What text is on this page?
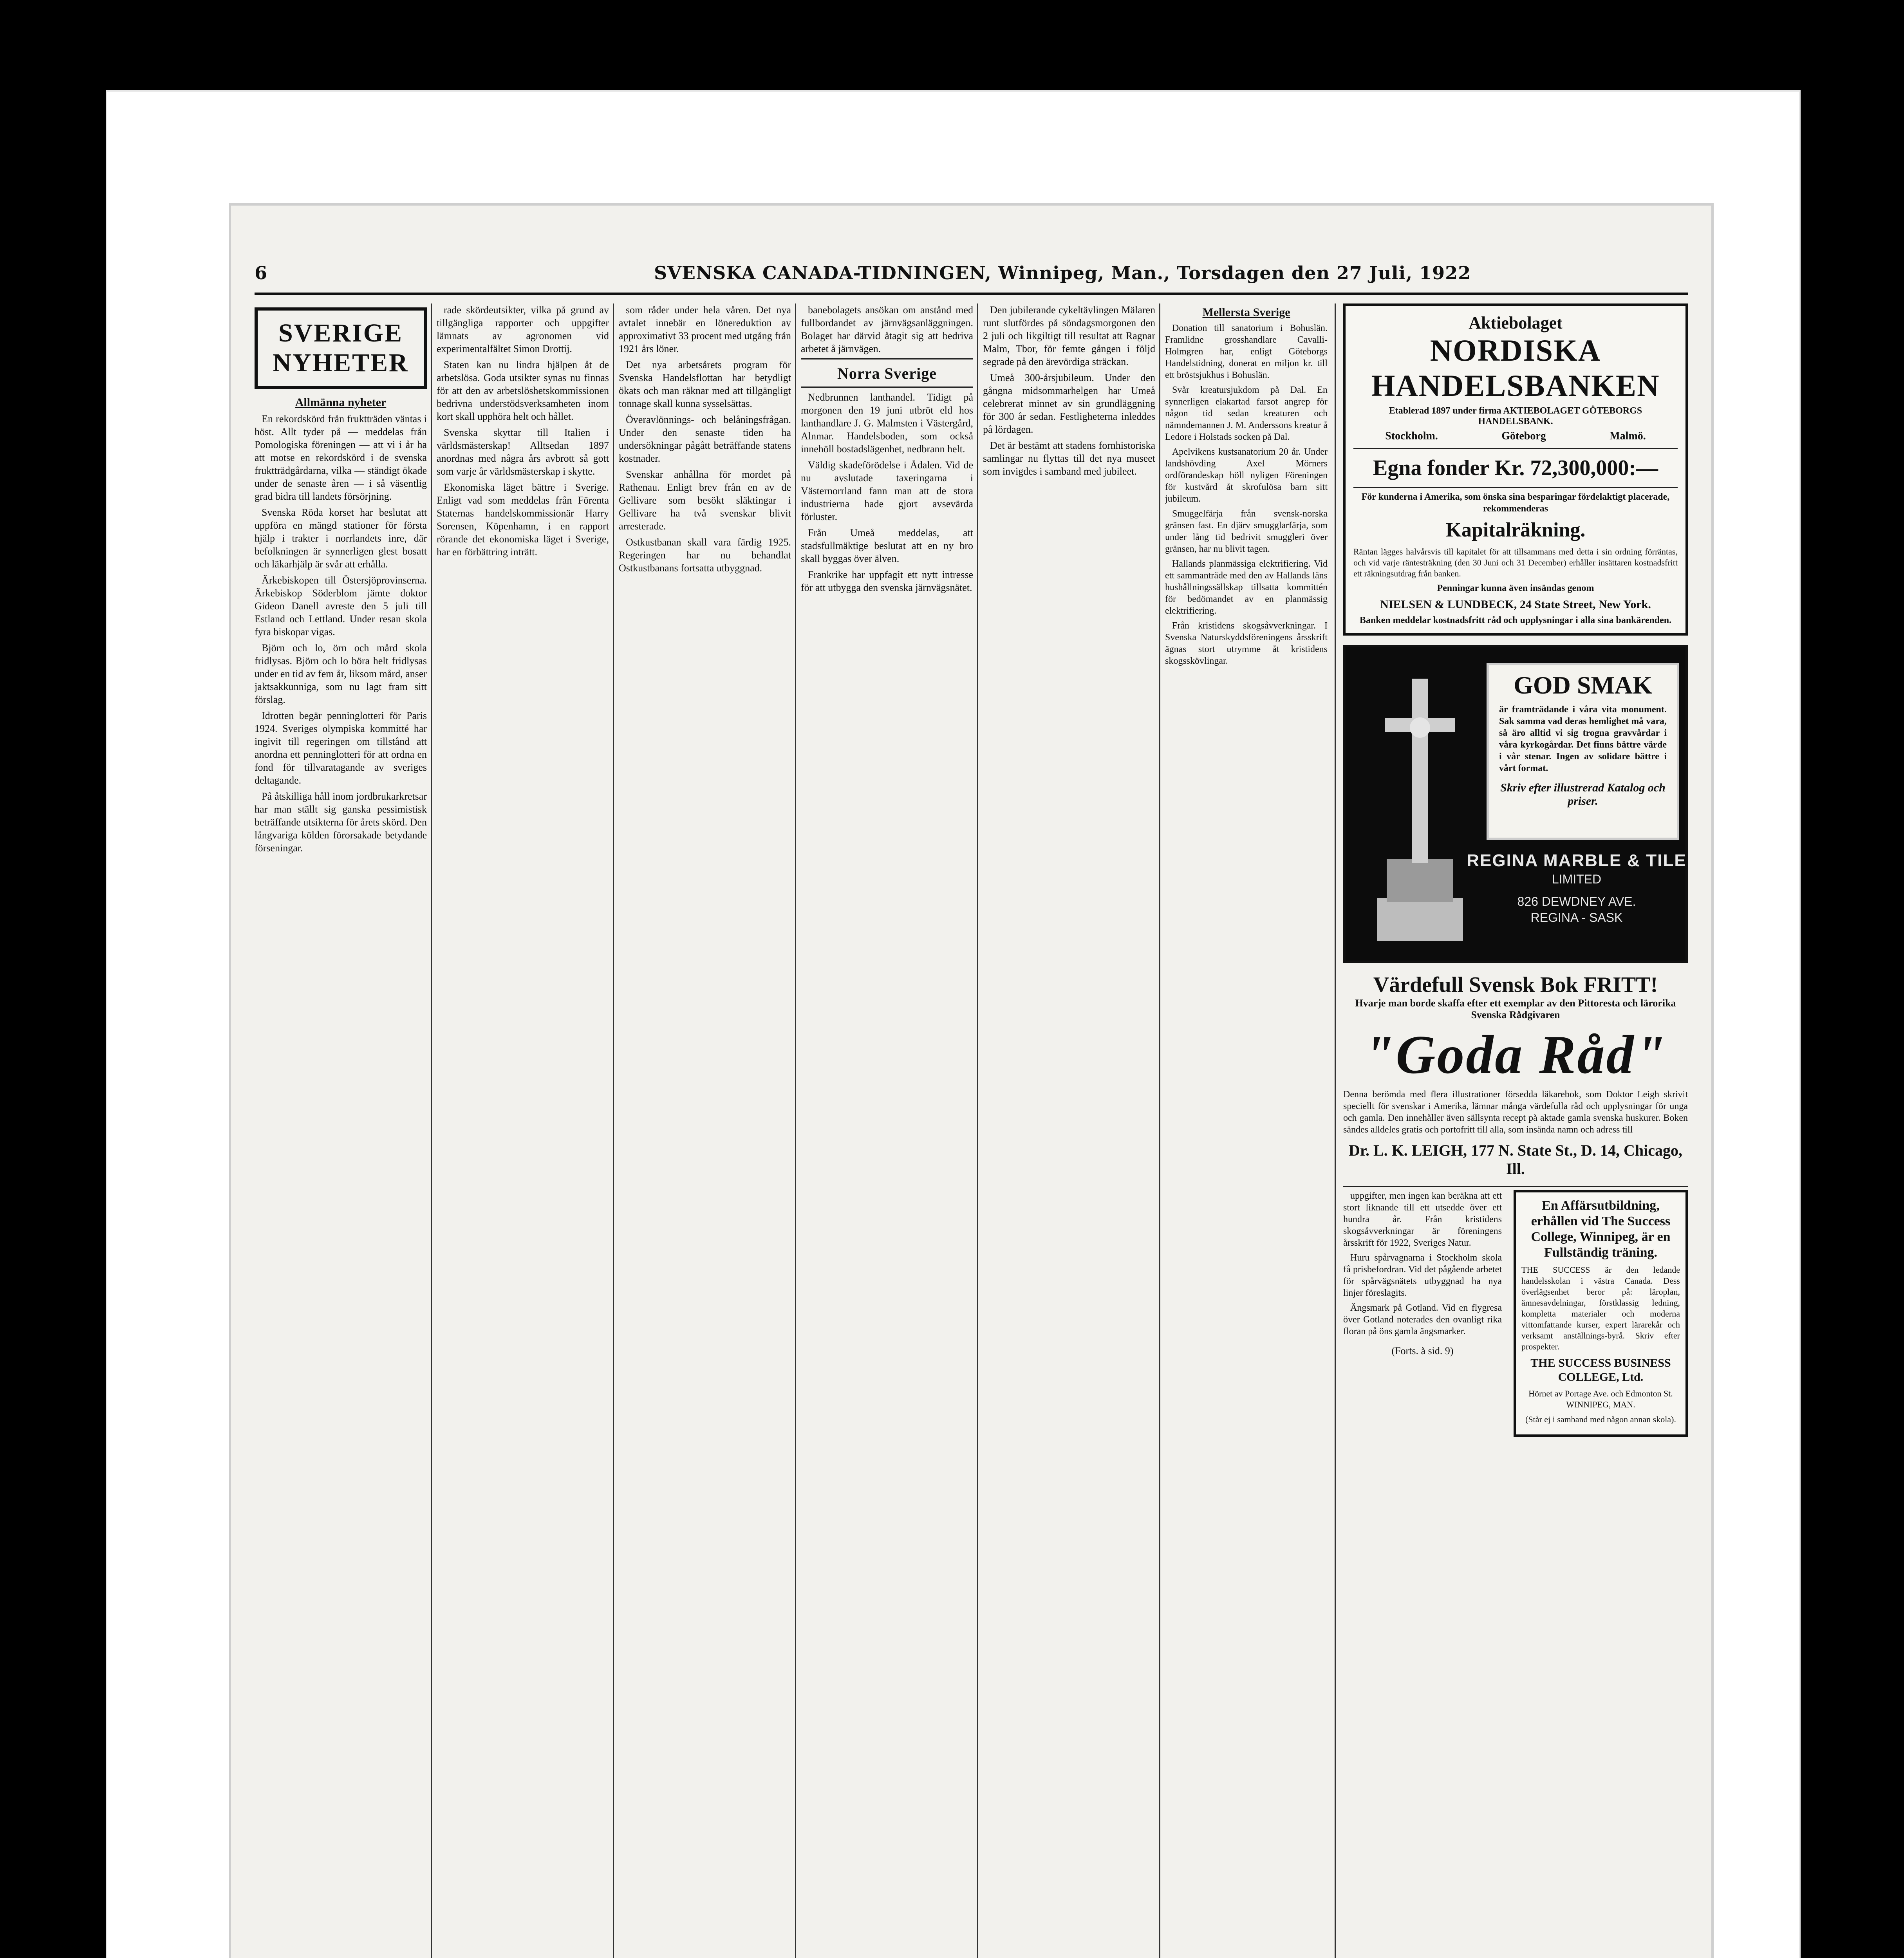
6	SVENSKA CANADA-TIDNINGEN, Winnipeg, Man., Torsdagen den 27 Juli, 1922
SVERIGE NYHETER
Allmänna nyheter

En rekordskörd från fruktträden väntas i höst. Allt tyder på — meddelas från Pomologiska föreningen — att vi i år ha att motse en rekordskörd i de svenska fruktträdgårdarna, vilka — ständigt ökade under de senaste åren — i så väsentlig grad bidra till landets försörjning.

Svenska Röda korset har beslutat att uppföra en mängd stationer för första hjälp i trakter i norrlandets inre, där befolkningen är synnerligen glest bosatt och läkarhjälp är svår att erhålla.

Ärkebiskopen till Östersjöprovinserna. Ärkebiskop Söderblom jämte doktor Gideon Danell avreste den 5 juli till Estland och Lettland. Under resan skola fyra biskopar vigas.

Björn och lo, örn och mård skola fridlysas. Björn och lo böra helt fridlysas under en tid av fem år, liksom mård, anser jaktsakkunniga, som nu lagt fram sitt förslag.

Idrotten begär penninglotteri för Paris 1924. Sveriges olympiska kommitté har ingivit till regeringen om tillstånd att anordna ett penninglotteri för att ordna en fond för tillvaratagande av sveriges deltagande.

På åtskilliga håll inom jordbrukarkretsar har man ställt sig ganska pessimistisk beträffande utsikterna för årets skörd. Den långvariga kölden förorsakade betydande förseningar.

rade skördeutsikter, vilka på grund av tillgängliga rapporter och uppgifter lämnats av agronomen vid experimentalfältet Simon Drottij.

Staten kan nu lindra hjälpen åt de arbetslösa. Goda utsikter synas nu finnas för att den av arbetslöshetskommissionen bedrivna understödsverksamheten inom kort skall upphöra helt och hållet.

Svenska skyttar till Italien i världsmästerskap! Alltsedan 1897 anordnas med några års avbrott så gott som varje år världsmästerskap i skytte.

Ekonomiska läget bättre i Sverige. Enligt vad som meddelas från Förenta Staternas handelskommissionär Harry Sorensen, Köpenhamn, i en rapport rörande det ekonomiska läget i Sverige, har en förbättring inträtt.

som råder under hela våren. Det nya avtalet innebär en lönereduktion av approximativt 33 procent med utgång från 1921 års löner.

Det nya arbetsårets program för Svenska Handelsflottan har betydligt ökats och man räknar med att tillgängligt tonnage skall kunna sysselsättas.

Överavlönnings- och belåningsfrågan. Under den senaste tiden ha undersökningar pågått beträffande statens kostnader.

Svenskar anhållna för mordet på Rathenau. Enligt brev från en av de Gellivare som besökt släktingar i Gellivare ha två svenskar blivit arresterade.

Ostkustbanan skall vara färdig 1925. Regeringen har nu behandlat Ostkustbanans fortsatta utbyggnad.

banebolagets ansökan om anstånd med fullbordandet av järnvägsanläggningen. Bolaget har därvid åtagit sig att bedriva arbetet å järnvägen.

Norra Sverige

Nedbrunnen lanthandel. Tidigt på morgonen den 19 juni utbröt eld hos lanthandlare J. G. Malmsten i Västergård, Alnmar. Handelsboden, som också innehöll bostadslägenhet, nedbrann helt.

Väldig skadeförödelse i Ådalen. Vid de nu avslutade taxeringarna i Västernorrland fann man att de stora industrierna hade gjort avsevärda förluster.

Från Umeå meddelas, att stadsfullmäktige beslutat att en ny bro skall byggas över älven.

Frankrike har uppfagit ett nytt intresse för att utbygga den svenska järnvägsnätet.

Den jubilerande cykeltävlingen Mälaren runt slutfördes på söndagsmorgonen den 2 juli och likgiltigt till resultat att Ragnar Malm, Tbor, för femte gången i följd segrade på den ärevördiga sträckan.

Umeå 300-årsjubileum. Under den gångna midsommarhelgen har Umeå celebrerat minnet av sin grundläggning för 300 år sedan. Festligheterna inleddes på lördagen.

Det är bestämt att stadens fornhistoriska samlingar nu flyttas till det nya museet som invigdes i samband med jubileet.

Mellersta Sverige

Donation till sanatorium i Bohuslän. Framlidne grosshandlare Cavalli-Holmgren har, enligt Göteborgs Handelstidning, donerat en miljon kr. till ett bröstsjukhus i Bohuslän.

Svår kreatursjukdom på Dal. En synnerligen elakartad farsot angrep för någon tid sedan kreaturen och nämndemannen J. M. Anderssons kreatur å Ledore i Holstads socken på Dal.

Apelvikens kustsanatorium 20 år. Under landshövding Axel Mörners ordförandeskap höll nyligen Föreningen för kustvård åt skrofulösa barn sitt jubileum.

Smuggelfärja från svensk-norska gränsen fast. En djärv smugglarfärja, som under lång tid bedrivit smuggleri över gränsen, har nu blivit tagen.

Hallands planmässiga elektrifiering. Vid ett sammanträde med den av Hallands läns hushållningssällskap tillsatta kommittén för bedömandet av en planmässig elektrifiering.

Från kristidens skogsåvverkningar. I Svenska Naturskyddsföreningens årsskrift ägnas stort utrymme åt kristidens skogsskövlingar.

Aktiebolaget
NORDISKA HANDELSBANKEN
Etablerad 1897 under firma AKTIEBOLAGET GÖTEBORGS HANDELSBANK.
Stockholm.	Göteborg	Malmö.
Egna fonder Kr. 72,300,000:—
För kunderna i Amerika, som önska sina besparingar fördelaktigt placerade, rekommenderas
Kapitalräkning.
Räntan lägges halvårsvis till kapitalet för att tillsammans med detta i sin ordning förräntas, och vid varje räntesträkning (den 30 Juni och 31 December) erhåller insättaren kostnadsfritt ett räkningsutdrag från banken.
Penningar kunna även insändas genom
NIELSEN & LUNDBECK, 24 State Street, New York.
Banken meddelar kostnadsfritt råd och upplysningar i alla sina bankärenden.
GOD SMAK
är framträdande i våra vita monument. Sak samma vad deras hemlighet må vara, så äro alltid vi sig trogna gravvårdar i våra kyrkogårdar. Det finns bättre värde i vår stenar. Ingen av solidare bättre i vårt format.
Skriv efter illustrerad Katalog och priser.
REGINA MARBLE & TILE
LIMITED
826 DEWDNEY AVE.
REGINA - SASK
Värdefull Svensk Bok FRITT!
Hvarje man borde skaffa efter ett exemplar av den Pittoresta och lärorika Svenska Rådgivaren
"Goda Råd"
Denna berömda med flera illustrationer försedda läkarebok, som Doktor Leigh skrivit speciellt för svenskar i Amerika, lämnar många värdefulla råd och upplysningar för unga och gamla. Den innehåller även sällsynta recept på aktade gamla svenska huskurer. Boken sändes alldeles gratis och portofritt till alla, som insända namn och adress till
Dr. L. K. LEIGH, 177 N. State St., D. 14, Chicago, Ill.

uppgifter, men ingen kan beräkna att ett stort liknande till ett utsedde över ett hundra år. Från kristidens skogsåvverkningar är föreningens årsskrift för 1922, Sveriges Natur.

Huru spårvagnarna i Stockholm skola få prisbefordran. Vid det pågående arbetet för spårvägsnätets utbyggnad ha nya linjer föreslagits.

Ängsmark på Gotland. Vid en flygresa över Gotland noterades den ovanligt rika floran på öns gamla ängsmarker.

(Forts. å sid. 9)
En Affärsutbildning, erhållen vid The Success College, Winnipeg, är en Fullständig träning.
THE SUCCESS är den ledande handelsskolan i västra Canada. Dess överlägsenhet beror på: läroplan, ämnesavdelningar, förstklassig ledning, kompletta materialer och moderna vittomfattande kurser, expert lärarekår och verksamt anställnings-byrå. Skriv efter prospekter.
THE SUCCESS BUSINESS COLLEGE, Ltd.
Hörnet av Portage Ave. och Edmonton St. WINNIPEG, MAN.
(Står ej i samband med någon annan skola).
